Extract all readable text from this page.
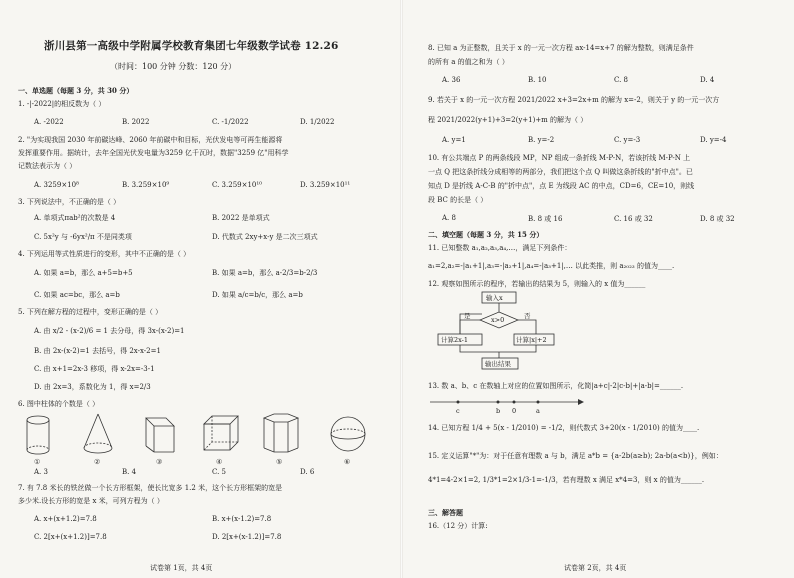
浙川县第一高级中学附属学校教育集团七年级数学试卷 12.26
（时间：100 分钟 分数：120 分）
一、单选题（每题 3 分，共 30 分）
1. -|-2022|的相反数为（ ）
A. -2022	B. 2022	C. -1/2022	D. 1/2022
2. "为实现我国 2030 年前碳达峰、2060 年前碳中和目标，光伏发电等可再生能源将
发挥重要作用。据统计，去年全国光伏发电量为3259 亿千瓦时，数据"3259 亿"用科学
记数法表示为（ ）
A. 3259×10⁸	B. 3.259×10⁹	C. 3.259×10¹⁰	D. 3.259×10¹¹
3. 下列说法中，不正确的是（ ）
A. 单项式πab²的次数是 4	B. 2022 是单项式
C. 5x²y 与 -6yx²/π 不是同类项	D. 代数式 2xy+x-y 是二次三项式
4. 下列运用等式性质进行的变形，其中不正确的是（ ）
A. 如果 a=b，那么 a+5=b+5	B. 如果 a=b，那么 a-2/3=b-2/3
C. 如果 ac=bc，那么 a=b	D. 如果 a/c=b/c，那么 a=b
5. 下列在解方程的过程中，变形正确的是（ ）
A. 由 x/2 - (x-2)/6 = 1 去分母，得 3x-(x-2)=1
B. 由 2x-(x-2)=1 去括号，得 2x-x-2=1
C. 由 x+1=2x-3 移项，得 x-2x=-3-1
D. 由 2x=3，系数化为 1，得 x=2/3
6. 图中柱体的个数是（ ）
①	②	③	④	⑤	⑥
A. 3	B. 4	C. 5	D. 6
7. 有 7.8 米长的铁丝做一个长方形框架，使长比宽多 1.2 米，这个长方形框架的宽是
多少米.设长方形的宽是 x 米，可列方程为（ ）
A. x+(x+1.2)=7.8	B. x+(x-1.2)=7.8
C. 2[x+(x+1.2)]=7.8	D. 2[x+(x-1.2)]=7.8
试卷第 1页，共 4页
8. 已知 a 为正整数，且关于 x 的一元一次方程 ax-14=x+7 的解为整数，则满足条件
的所有 a 的值之和为（ ）
A. 36	B. 10	C. 8	D. 4
9. 若关于 x 的一元一次方程 2021/2022 x+3=2x+m 的解为 x=-2，则关于 y 的一元一次方
程 2021/2022(y+1)+3=2(y+1)+m 的解为（ ）
A. y=1	B. y=-2	C. y=-3	D. y=-4
10. 有公共端点 P 的两条线段 MP，NP 组成一条折线 M-P-N，若该折线 M-P-N 上
一点 Q 把这条折线分成相等的两部分，我们把这个点 Q 叫做这条折线的"折中点"。已
知点 D 是折线 A-C-B 的"折中点"，点 E 为线段 AC 的中点，CD=6，CE=10，则线
段 BC 的长是（ ）
A. 8	B. 8 或 16	C. 16 或 32	D. 8 或 32
二、填空题（每题 3 分，共 15 分）
11. 已知整数 a₁,a₂,a₃,a₄,…，满足下列条件：
a₁=2,a₂=-|a₁+1|,a₃=-|a₂+1|,a₄=-|a₃+1|,… 以此类推，则 a₂₀₂₃ 的值为____.
12. 观察如图所示的程序，若输出的结果为 5，则输入的 x 值为______
输入x
x>0
是	否
计算2x-1	计算|x|+2
输出结果
13. 数 a、b、c 在数轴上对应的位置如图所示，化简|a+c|-2|c-b|+|a-b|=______.
c	b 0	a
14. 已知方程 1/4 + 5(x - 1/2010) = -1/2，则代数式 3+20(x - 1/2010) 的值为____.
15. 定义运算"*"为：对于任意有理数 a 与 b，满足 a*b = {a-2b(a≥b); 2a-b(a<b)}，例如：
4*1=4-2×1=2, 1/3*1=2×1/3-1=-1/3，若有理数 x 满足 x*4=3，则 x 的值为______.
三、解答题
16.（12 分）计算:
试卷第 2页，共 4页
